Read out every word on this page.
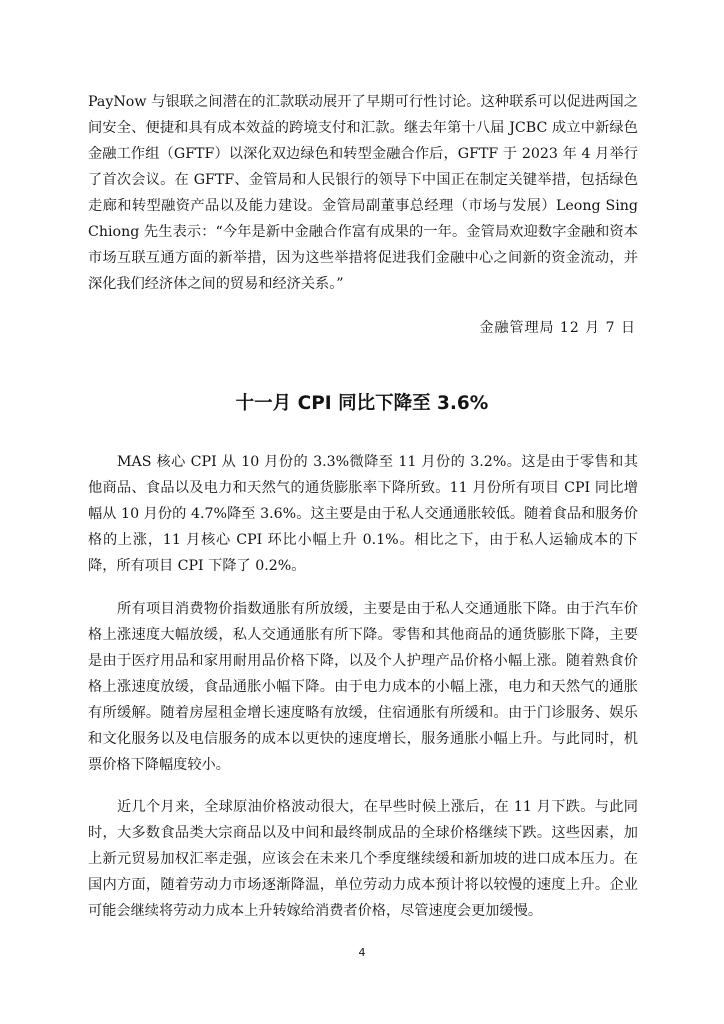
PayNow 与银联之间潜在的汇款联动展开了早期可行性讨论。这种联系可以促进两国之间安全、便捷和具有成本效益的跨境支付和汇款。继去年第十八届 JCBC 成立中新绿色金融工作组（GFTF）以深化双边绿色和转型金融合作后，GFTF 于 2023 年 4 月举行了首次会议。在 GFTF、金管局和人民银行的领导下中国正在制定关键举措，包括绿色走廊和转型融资产品以及能力建设。金管局副董事总经理（市场与发展）Leong Sing Chiong 先生表示：“今年是新中金融合作富有成果的一年。金管局欢迎数字金融和资本市场互联互通方面的新举措，因为这些举措将促进我们金融中心之间新的资金流动，并深化我们经济体之间的贸易和经济关系。”

金融管理局 12 月 7 日
十一月 CPI 同比下降至 3.6%

MAS 核心 CPI 从 10 月份的 3.3%微降至 11 月份的 3.2%。这是由于零售和其他商品、食品以及电力和天然气的通货膨胀率下降所致。11 月份所有项目 CPI 同比增幅从 10 月份的 4.7%降至 3.6%。这主要是由于私人交通通胀较低。随着食品和服务价格的上涨，11 月核心 CPI 环比小幅上升 0.1%。相比之下，由于私人运输成本的下降，所有项目 CPI 下降了 0.2%。

所有项目消费物价指数通胀有所放缓，主要是由于私人交通通胀下降。由于汽车价格上涨速度大幅放缓，私人交通通胀有所下降。零售和其他商品的通货膨胀下降，主要是由于医疗用品和家用耐用品价格下降，以及个人护理产品价格小幅上涨。随着熟食价格上涨速度放缓，食品通胀小幅下降。由于电力成本的小幅上涨，电力和天然气的通胀有所缓解。随着房屋租金增长速度略有放缓，住宿通胀有所缓和。由于门诊服务、娱乐和文化服务以及电信服务的成本以更快的速度增长，服务通胀小幅上升。与此同时，机票价格下降幅度较小。

近几个月来，全球原油价格波动很大，在早些时候上涨后，在 11 月下跌。与此同时，大多数食品类大宗商品以及中间和最终制成品的全球价格继续下跌。这些因素，加上新元贸易加权汇率走强，应该会在未来几个季度继续缓和新加坡的进口成本压力。在国内方面，随着劳动力市场逐渐降温，单位劳动力成本预计将以较慢的速度上升。企业可能会继续将劳动力成本上升转嫁给消费者价格，尽管速度会更加缓慢。

4
